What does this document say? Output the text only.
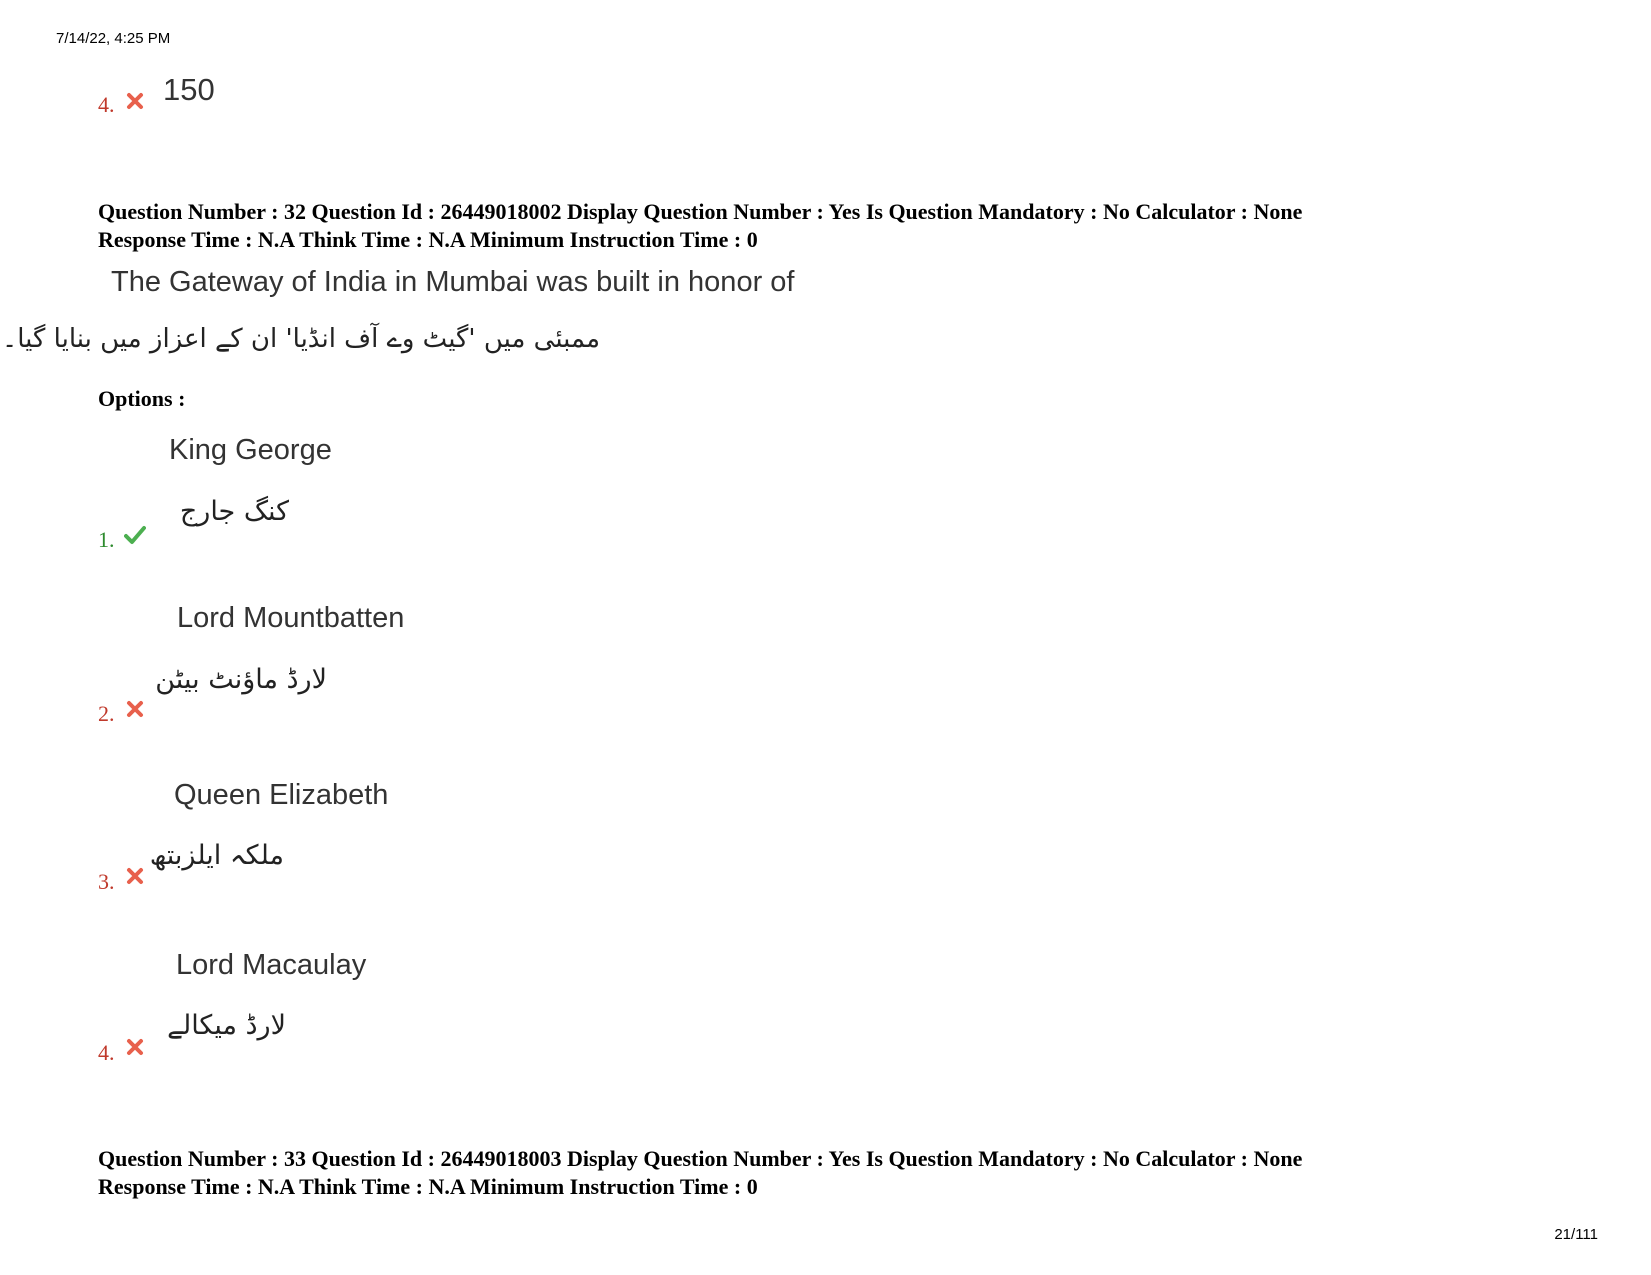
7/14/22, 4:25 PM
4. 150
Question Number : 32 Question Id : 26449018002 Display Question Number : Yes Is Question Mandatory : No Calculator : None
Response Time : N.A Think Time : N.A Minimum Instruction Time : 0
The Gateway of India in Mumbai was built in honor of
ممبئی میں 'گیٹ وے آف انڈیا' ان کے اعزاز میں بنایا گیا۔
Options :
King George
کنگ جارج
1.
Lord Mountbatten
لارڈ ماؤنٹ بیٹن
2.
Queen Elizabeth
ملکہ ایلزبتھ
3.
Lord Macaulay
لارڈ میکالے
4.
Question Number : 33 Question Id : 26449018003 Display Question Number : Yes Is Question Mandatory : No Calculator : None
Response Time : N.A Think Time : N.A Minimum Instruction Time : 0
21/111
